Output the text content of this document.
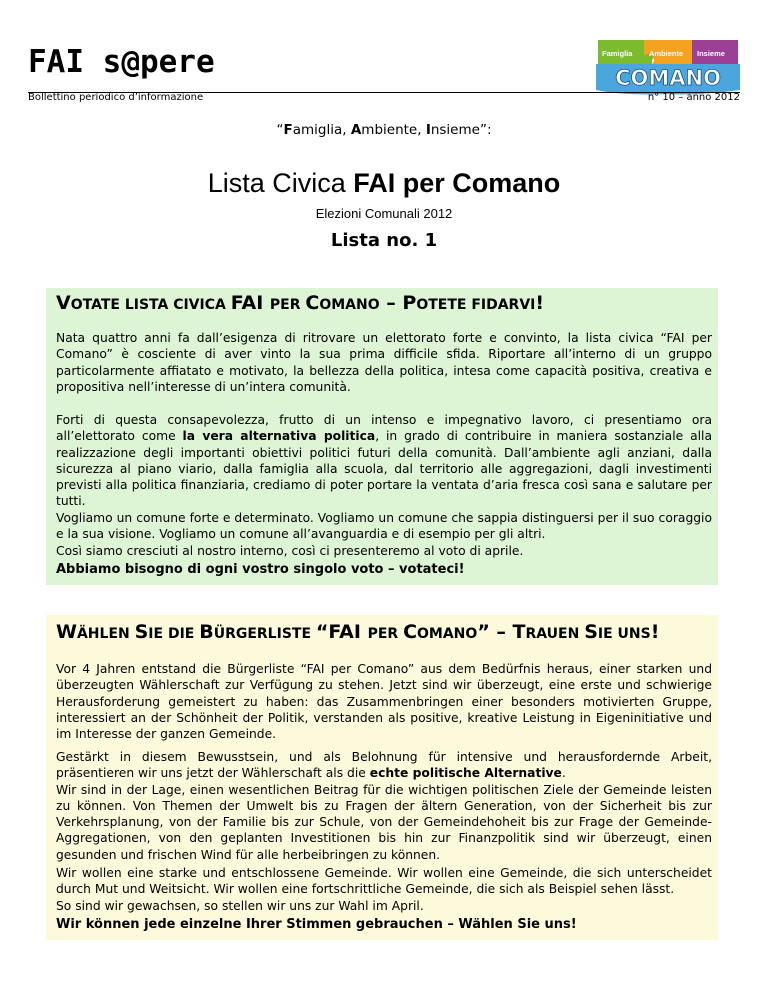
FAI s@pere	Famiglia Ambiente Insieme
COMANO
Bollettino periodico d’informazione	n° 10 – anno 2012
“Famiglia, Ambiente, Insieme”:
Lista Civica FAI per Comano
Elezioni Comunali 2012
Lista no. 1
VOTATE LISTA CIVICA FAI PER COMANO – POTETE FIDARVI!
Nata quattro anni fa dall’esigenza di ritrovare un elettorato forte e convinto, la lista civica “FAI per Comano” è cosciente di aver vinto la sua prima difficile sfida. Riportare all’interno di un gruppo particolarmente affiatato e motivato, la bellezza della politica, intesa come capacità positiva, creativa e propositiva nell’interesse di un’intera comunità.
Forti di questa consapevolezza, frutto di un intenso e impegnativo lavoro, ci presentiamo ora all’elettorato come la vera alternativa politica, in grado di contribuire in maniera sostanziale alla realizzazione degli importanti obiettivi politici futuri della comunità. Dall’ambiente agli anziani, dalla sicurezza al piano viario, dalla famiglia alla scuola, dal territorio alle aggregazioni, dagli investimenti previsti alla politica finanziaria, crediamo di poter portare la ventata d’aria fresca così sana e salutare per tutti.
Vogliamo un comune forte e determinato. Vogliamo un comune che sappia distinguersi per il suo coraggio e la sua visione. Vogliamo un comune all’avanguardia e di esempio per gli altri.
Così siamo cresciuti al nostro interno, così ci presenteremo al voto di aprile.
Abbiamo bisogno di ogni vostro singolo voto – votateci!
WÄHLEN SIE DIE BÜRGERLISTE “FAI PER COMANO” – TRAUEN SIE UNS!
Vor 4 Jahren entstand die Bürgerliste “FAI per Comano” aus dem Bedürfnis heraus, einer starken und überzeugten Wählerschaft zur Verfügung zu stehen. Jetzt sind wir überzeugt, eine erste und schwierige Herausforderung gemeistert zu haben: das Zusammenbringen einer besonders motivierten Gruppe, interessiert an der Schönheit der Politik, verstanden als positive, kreative Leistung in Eigeninitiative und im Interesse der ganzen Gemeinde.
Gestärkt in diesem Bewusstsein, und als Belohnung für intensive und herausfordernde Arbeit, präsentieren wir uns jetzt der Wählerschaft als die echte politische Alternative.
Wir sind in der Lage, einen wesentlichen Beitrag für die wichtigen politischen Ziele der Gemeinde leisten zu können. Von Themen der Umwelt bis zu Fragen der ältern Generation, von der Sicherheit bis zur Verkehrsplanung, von der Familie bis zur Schule, von der Gemeindehoheit bis zur Frage der Gemeinde-Aggregationen, von den geplanten Investitionen bis hin zur Finanzpolitik sind wir überzeugt, einen gesunden und frischen Wind für alle herbeibringen zu können.
Wir wollen eine starke und entschlossene Gemeinde. Wir wollen eine Gemeinde, die sich unterscheidet durch Mut und Weitsicht. Wir wollen eine fortschrittliche Gemeinde, die sich als Beispiel sehen lässt.
So sind wir gewachsen, so stellen wir uns zur Wahl im April.
Wir können jede einzelne Ihrer Stimmen gebrauchen – Wählen Sie uns!
